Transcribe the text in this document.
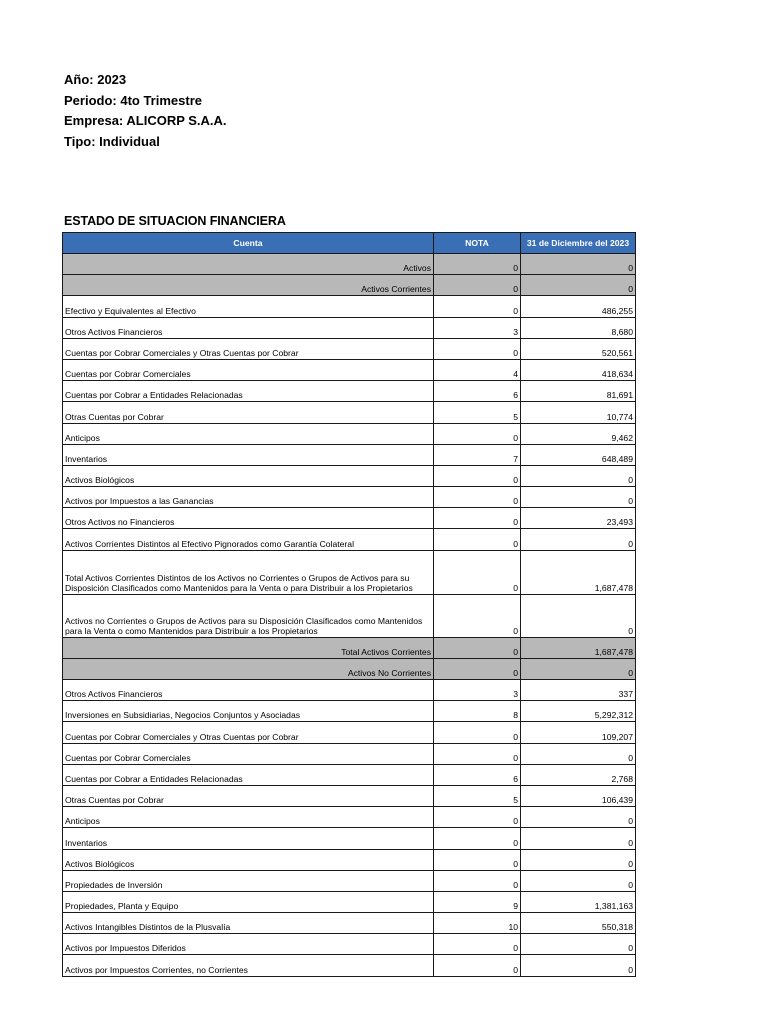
Año: 2023
Periodo: 4to Trimestre
Empresa: ALICORP S.A.A.
Tipo: Individual
ESTADO DE SITUACION FINANCIERA
Cuenta	NOTA	31 de Diciembre del 2023
Activos	0	0
Activos Corrientes	0	0
Efectivo y Equivalentes al Efectivo	0	486,255
Otros Activos Financieros	3	8,680
Cuentas por Cobrar Comerciales y Otras Cuentas por Cobrar	0	520,561
Cuentas por Cobrar Comerciales	4	418,634
Cuentas por Cobrar a Entidades Relacionadas	6	81,691
Otras Cuentas por Cobrar	5	10,774
Anticipos	0	9,462
Inventarios	7	648,489
Activos Biológicos	0	0
Activos por Impuestos a las Ganancias	0	0
Otros Activos no Financieros	0	23,493
Activos Corrientes Distintos al Efectivo Pignorados como Garantía Colateral	0	0
Total Activos Corrientes Distintos de los Activos no Corrientes o Grupos de Activos para su Disposición Clasificados como Mantenidos para la Venta o para Distribuir a los Propietarios	0	1,687,478
Activos no Corrientes o Grupos de Activos para su Disposición Clasificados como Mantenidos para la Venta o como Mantenidos para Distribuir a los Propietarios	0	0
Total Activos Corrientes	0	1,687,478
Activos No Corrientes	0	0
Otros Activos Financieros	3	337
Inversiones en Subsidiarias, Negocios Conjuntos y Asociadas	8	5,292,312
Cuentas por Cobrar Comerciales y Otras Cuentas por Cobrar	0	109,207
Cuentas por Cobrar Comerciales	0	0
Cuentas por Cobrar a Entidades Relacionadas	6	2,768
Otras Cuentas por Cobrar	5	106,439
Anticipos	0	0
Inventarios	0	0
Activos Biológicos	0	0
Propiedades de Inversión	0	0
Propiedades, Planta y Equipo	9	1,381,163
Activos Intangibles Distintos de la Plusvalía	10	550,318
Activos por Impuestos Diferidos	0	0
Activos por Impuestos Corrientes, no Corrientes	0	0
